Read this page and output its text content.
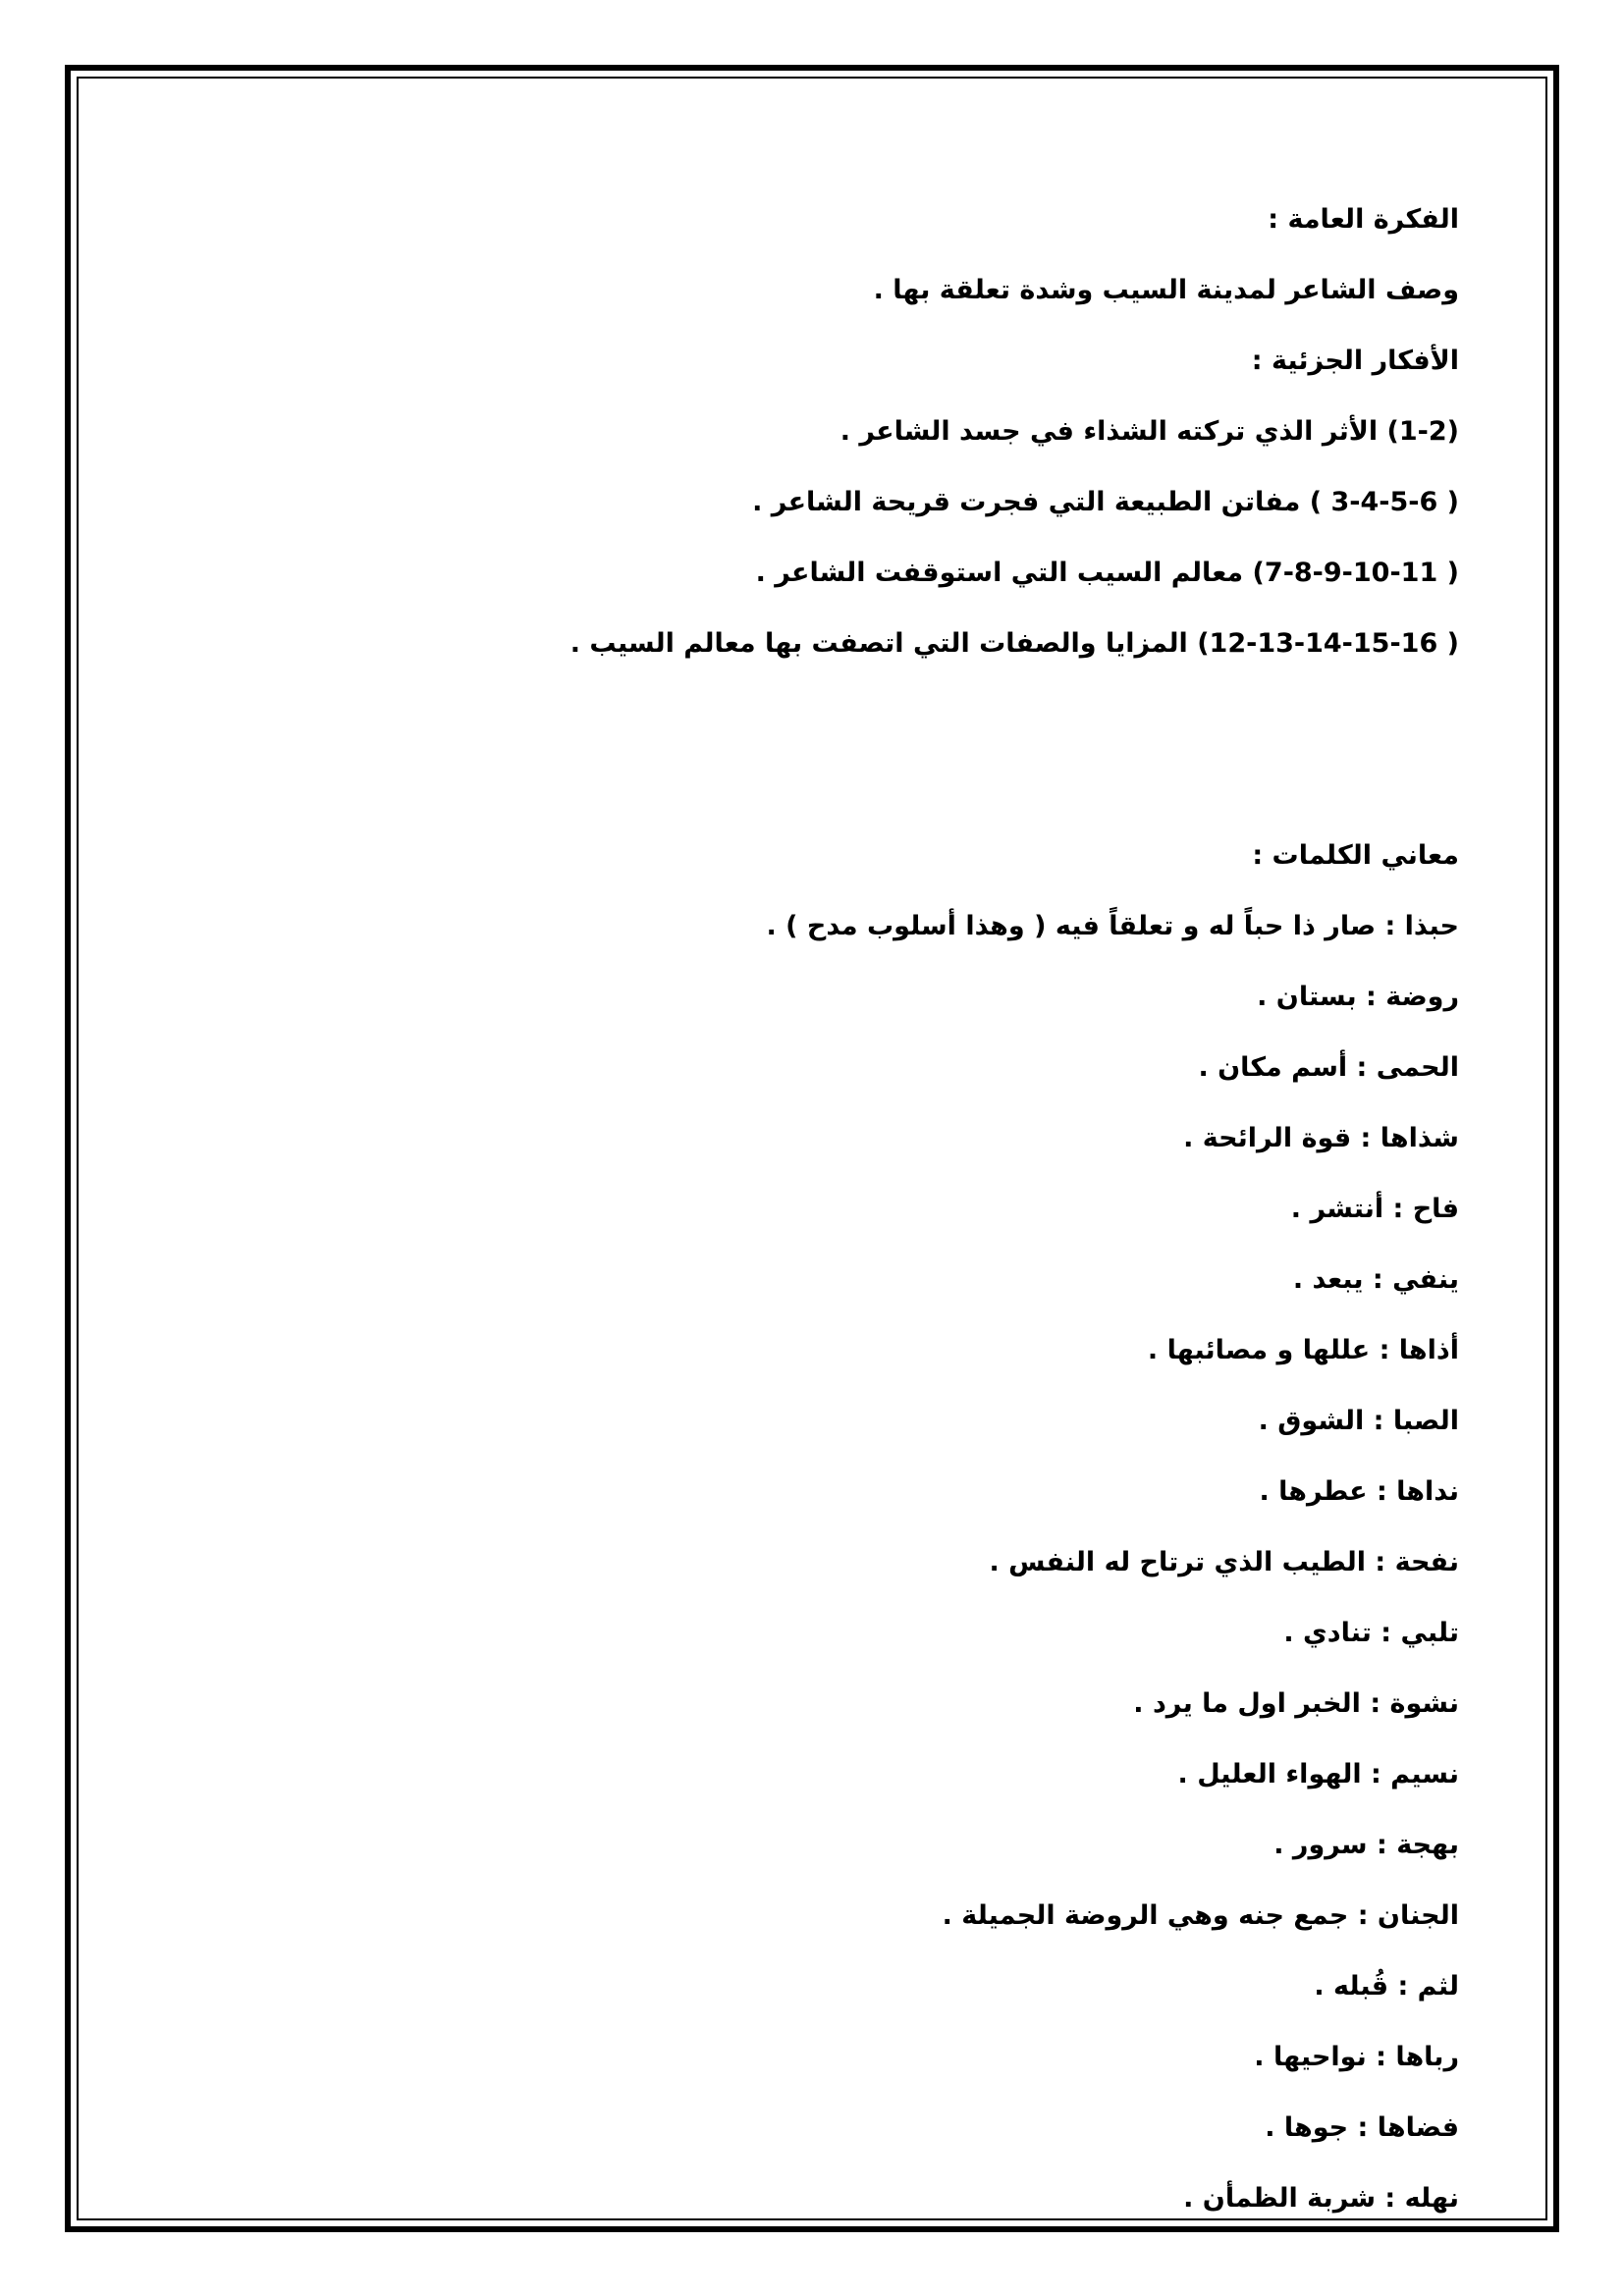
الفكرة العامة :
وصف الشاعر لمدينة السيب وشدة تعلقة بها .
الأفكار الجزئية :
(1-2) الأثر الذي تركته الشذاء في جسد الشاعر .
( 3-4-5-6 ) مفاتن الطبيعة التي فجرت قريحة الشاعر .
( 7-8-9-10-11) معالم السيب التي استوقفت الشاعر .
( 12-13-14-15-16) المزايا والصفات التي اتصفت بها معالم السيب .
معاني الكلمات :
حبذا : صار ذا حباً له و تعلقاً فيه ( وهذا أسلوب مدح ) .
روضة : بستان .
الحمى : أسم مكان .
شذاها : قوة الرائحة .
فاح : أنتشر .
ينفي : يبعد .
أذاها : عللها و مصائبها .
الصبا : الشوق .
نداها : عطرها .
نفحة : الطيب الذي ترتاح له النفس .
تلبي : تنادي .
نشوة : الخبر اول ما يرد .
نسيم : الهواء العليل .
بهجة : سرور .
الجنان : جمع جنه وهي الروضة الجميلة .
لثم : قُبله .
رباها : نواحيها .
فضاها : جوها .
نهله : شربة الظمأن .
